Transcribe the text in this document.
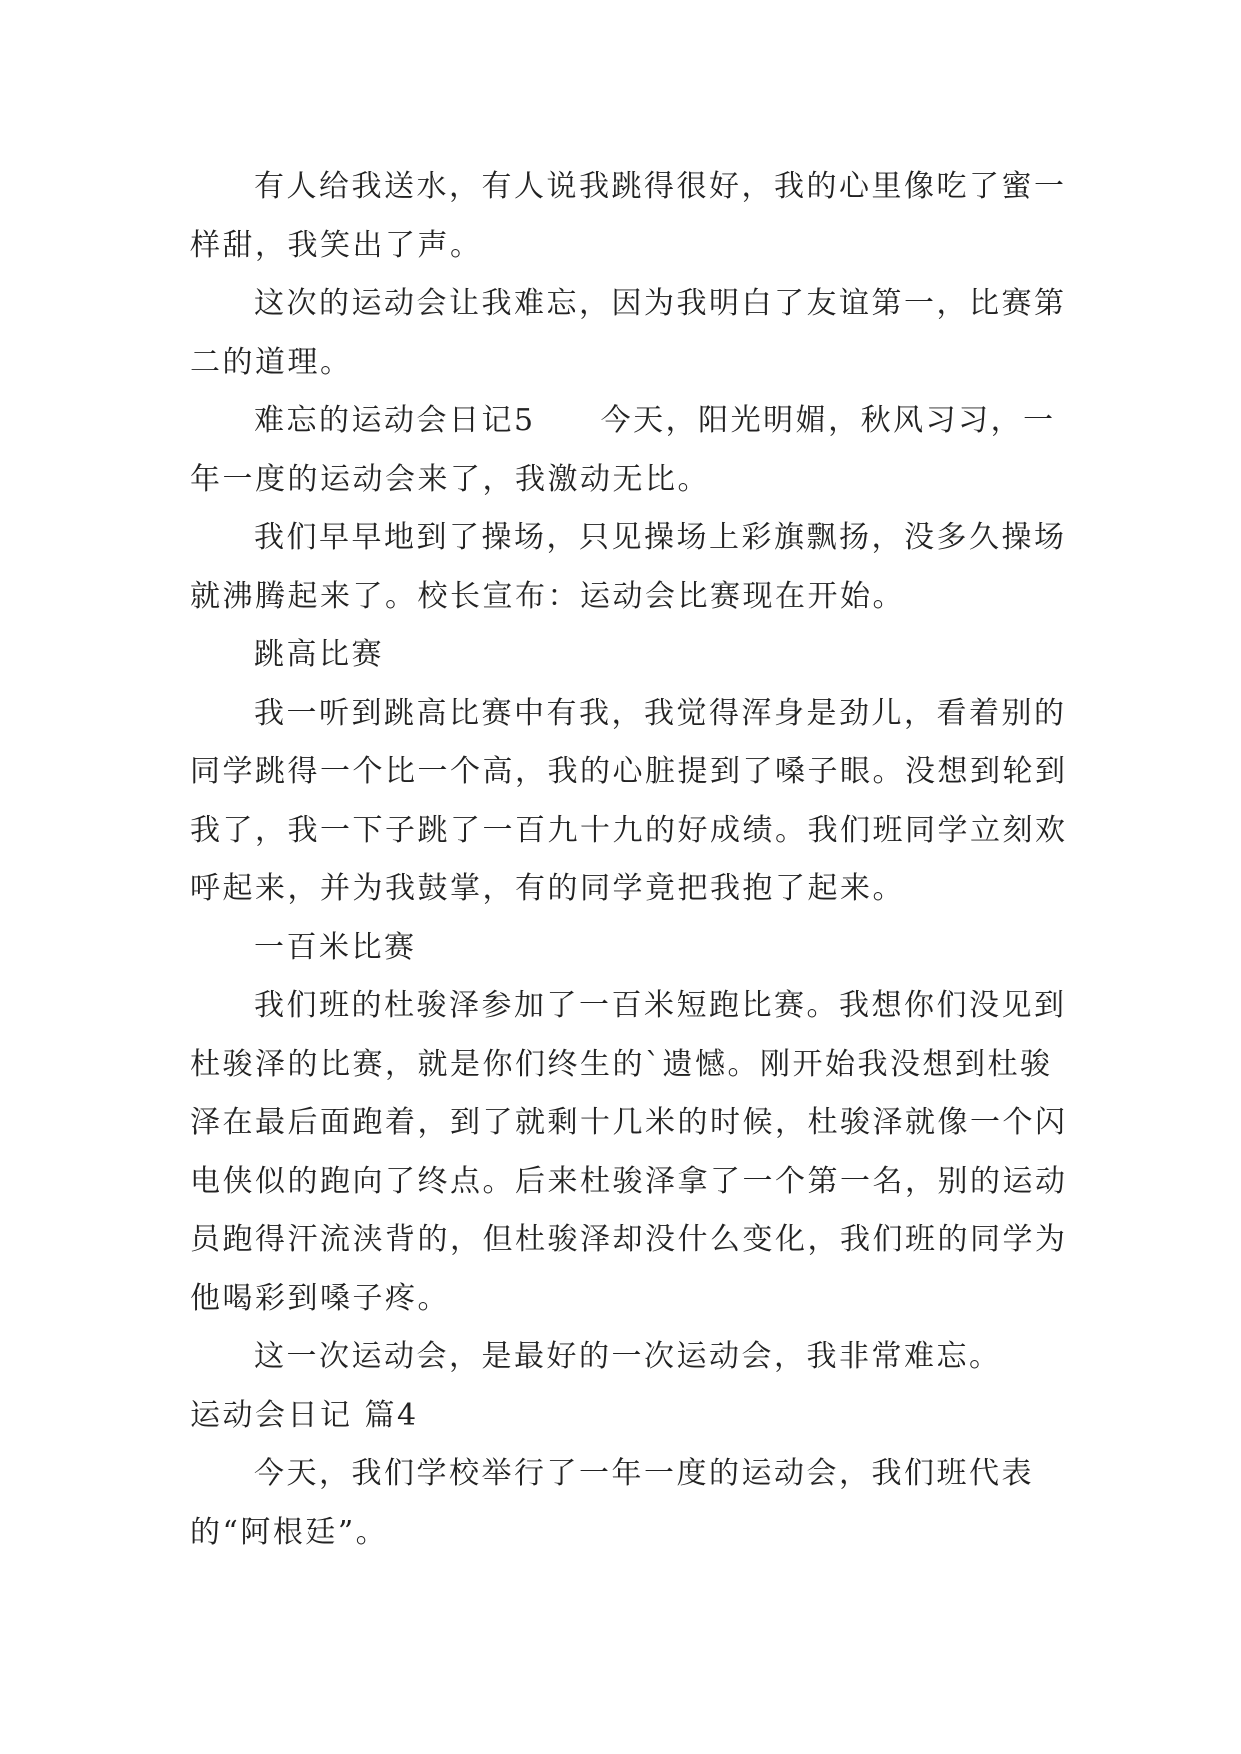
有人给我送水，有人说我跳得很好，我的心里像吃了蜜一样甜，我笑出了声。

这次的运动会让我难忘，因为我明白了友谊第一，比赛第二的道理。

难忘的运动会日记5　　今天，阳光明媚，秋风习习，一年一度的运动会来了，我激动无比。

我们早早地到了操场，只见操场上彩旗飘扬，没多久操场就沸腾起来了。校长宣布：运动会比赛现在开始。

跳高比赛

我一听到跳高比赛中有我，我觉得浑身是劲儿，看着别的同学跳得一个比一个高，我的心脏提到了嗓子眼。没想到轮到我了，我一下子跳了一百九十九的好成绩。我们班同学立刻欢呼起来，并为我鼓掌，有的同学竟把我抱了起来。

一百米比赛

我们班的杜骏泽参加了一百米短跑比赛。我想你们没见到杜骏泽的比赛，就是你们终生的`遗憾。刚开始我没想到杜骏泽在最后面跑着，到了就剩十几米的时候，杜骏泽就像一个闪电侠似的跑向了终点。后来杜骏泽拿了一个第一名，别的运动员跑得汗流浃背的，但杜骏泽却没什么变化，我们班的同学为他喝彩到嗓子疼。

这一次运动会，是最好的一次运动会，我非常难忘。

运动会日记 篇4

今天，我们学校举行了一年一度的运动会，我们班代表的“阿根廷”。
